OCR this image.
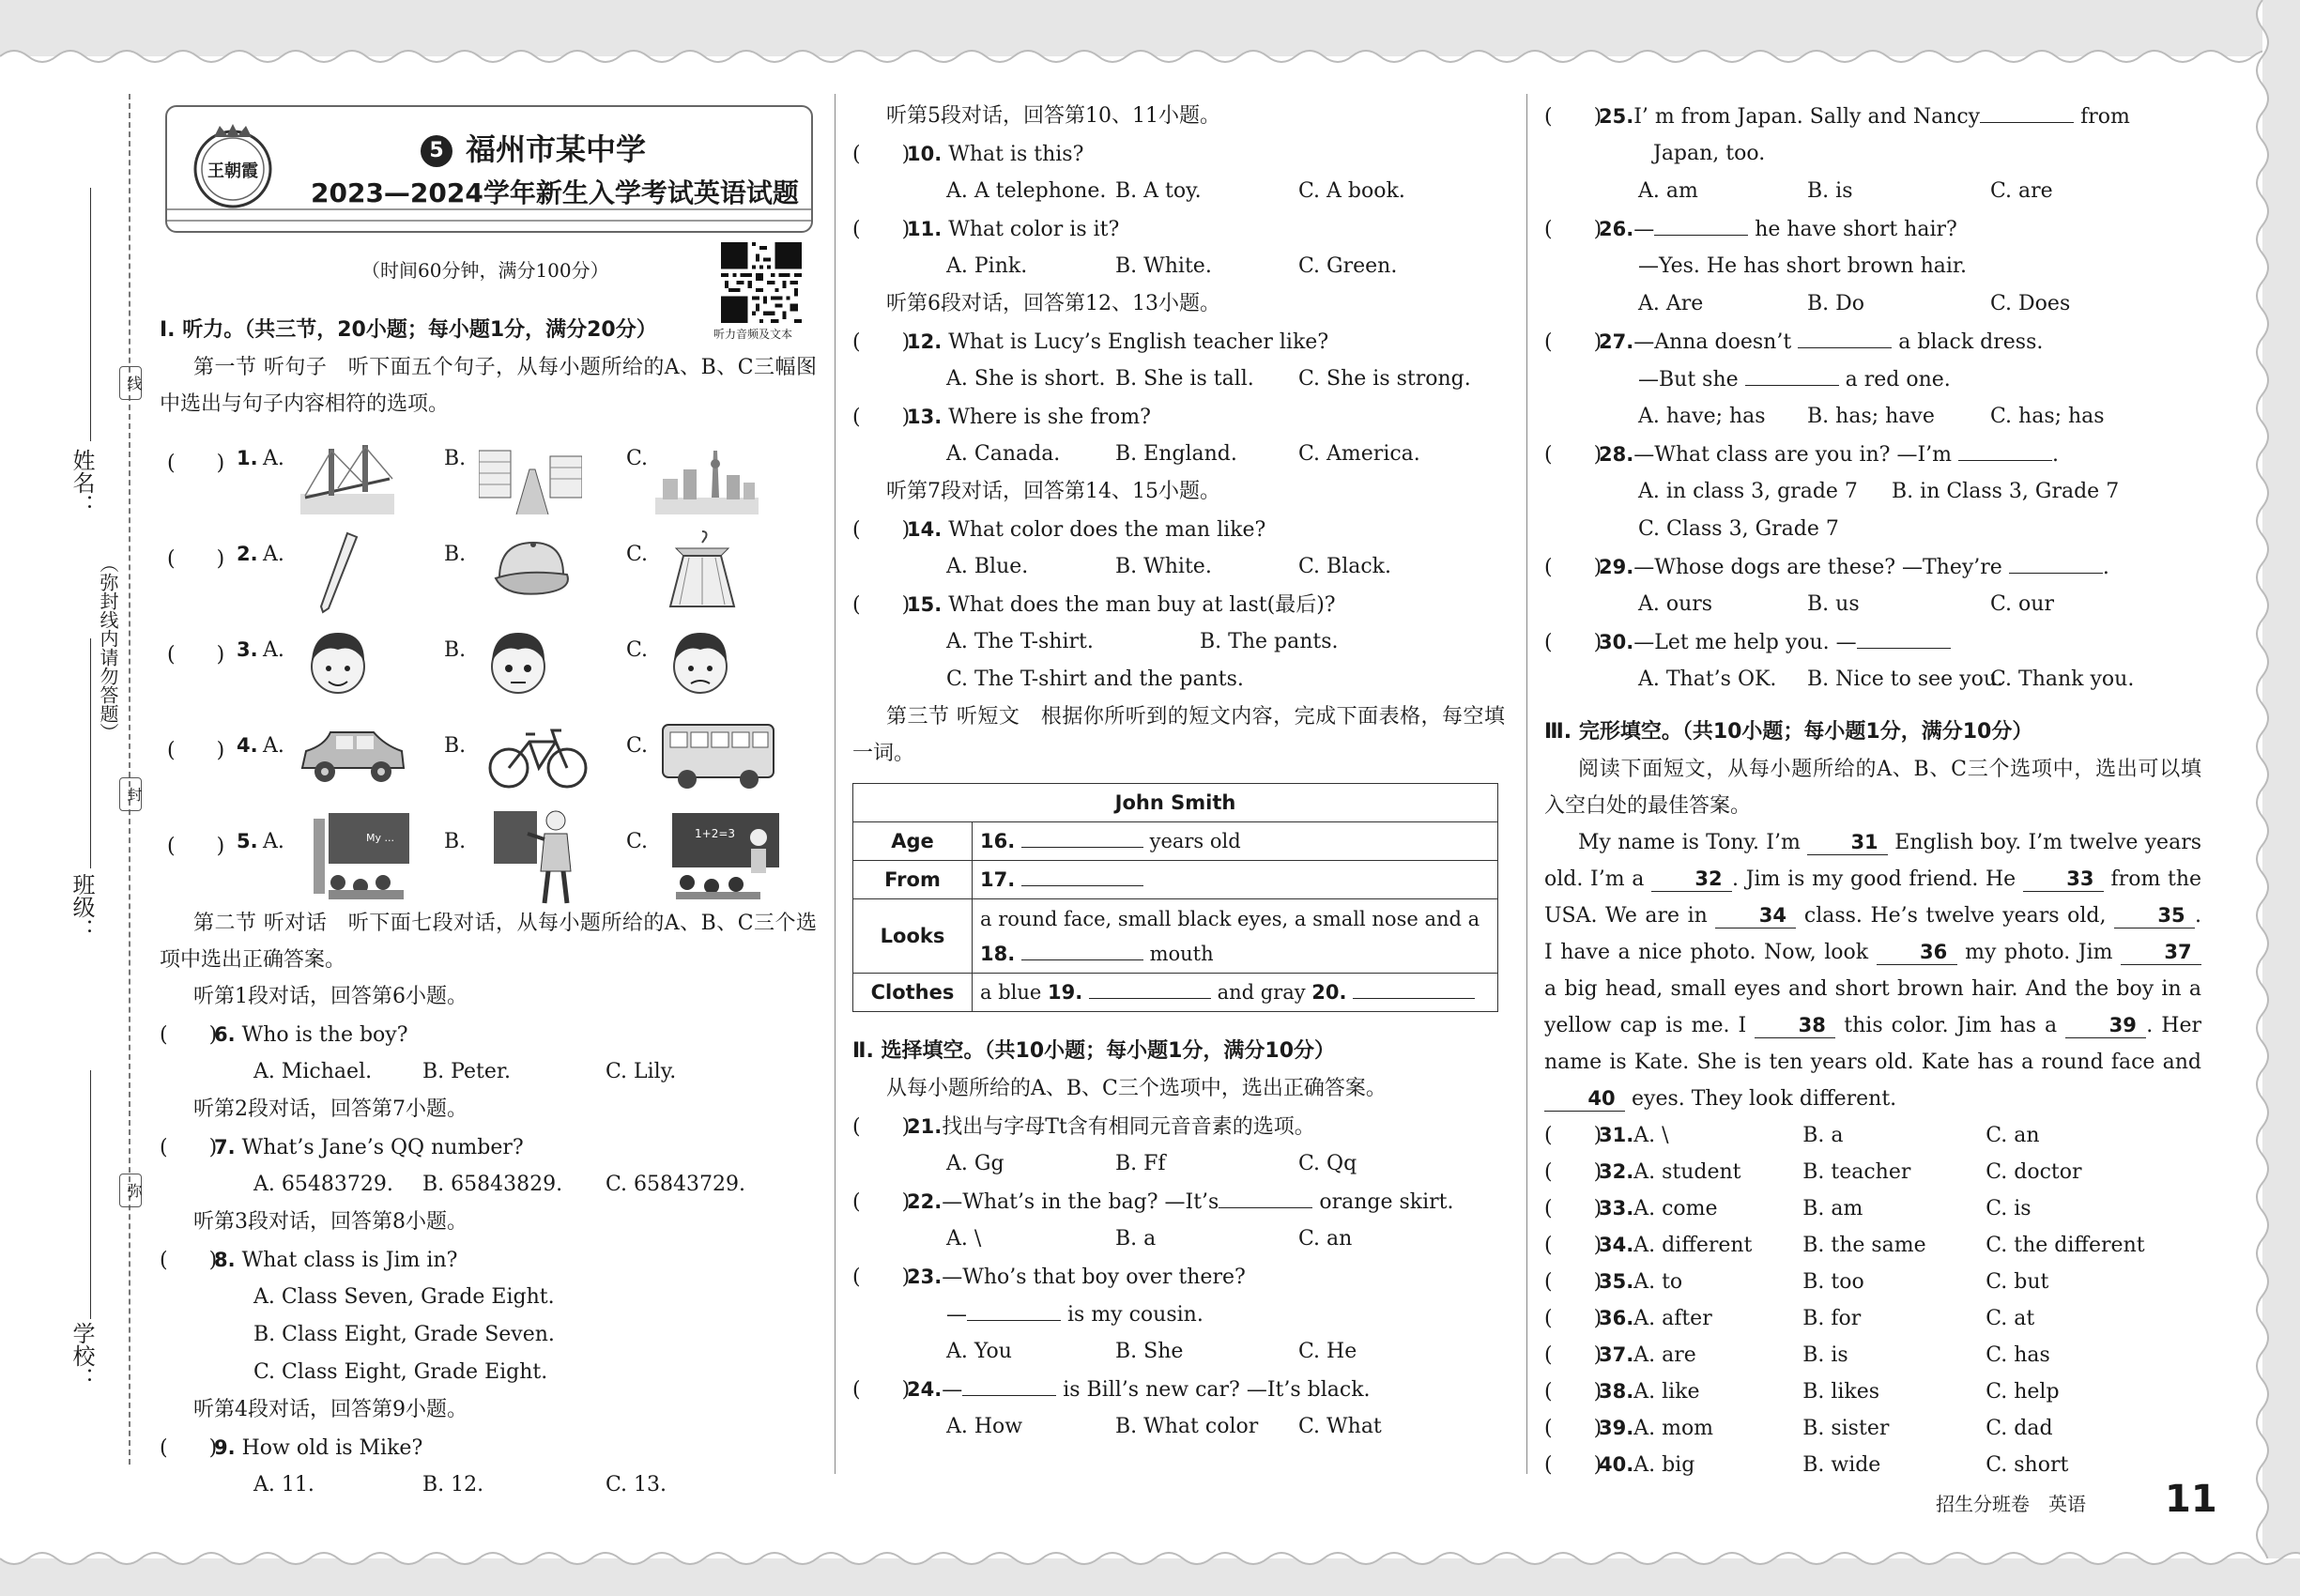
线
封
弥
（弥封线内请勿答题）
姓名：
班级：
学校：
王朝霞
5 福州市某中学
2023—2024学年新生入学考试英语试题
（时间60分钟，满分100分）
听力音频及文本
Ⅰ. 听力。（共三节，20小题；每小题1分，满分20分）
第一节 听句子　听下面五个句子，从每小题所给的A、B、C三幅图中选出与句子内容相符的选项。
(　　) 1. A.	B.	C.
(　　) 2. A.	B.	C.
(　　) 3. A.	B.	C.
(　　) 4. A.	B.	C.
(　　) 5. A.	B.	C.
My ...	1+2=3
第二节 听对话　听下面七段对话，从每小题所给的A、B、C三个选项中选出正确答案。
听第1段对话，回答第6小题。
(　　)6. Who is the boy?
A. Michael. B. Peter.	C. Lily.
听第2段对话，回答第7小题。
(　　)7. What’s Jane’s QQ number?
A. 65483729. B. 65843829. C. 65843729.
听第3段对话，回答第8小题。
(　　)8. What class is Jim in?
A. Class Seven, Grade Eight.
B. Class Eight, Grade Seven.
C. Class Eight, Grade Eight.
听第4段对话，回答第9小题。
(　　)9. How old is Mike?
A. 11.	B. 12.	C. 13.
听第5段对话，回答第10、11小题。
(　　)10. What is this?
A. A telephone. B. A toy.	C. A book.
(　　)11. What color is it?
A. Pink.	B. White.	C. Green.
听第6段对话，回答第12、13小题。
(　　)12. What is Lucy’s English teacher like?
A. She is short. B. She is tall. C. She is strong.
(　　)13. Where is she from?
A. Canada.	B. England.	C. America.
听第7段对话，回答第14、15小题。
(　　)14. What color does the man like?
A. Blue.	B. White.	C. Black.
(　　)15. What does the man buy at last(最后)?
A. The T-shirt.	B. The pants.
C. The T-shirt and the pants.
第三节 听短文　根据你所听到的短文内容，完成下面表格，每空填一词。
John Smith	
Age	16. years old
From	17.
Looks	a round face, small black eyes, a small nose and a
18. mouth
Clothes	a blue 19. and gray 20.
Ⅱ. 选择填空。（共10小题；每小题1分，满分10分）
从每小题所给的A、B、C三个选项中，选出正确答案。
(　　)21.找出与字母Tt含有相同元音音素的选项。
A. Gg	B. Ff	C. Qq
(　　)22.—What’s in the bag? —It’s	orange skirt.
A. \	B. a	C. an
(　　)23.—Who’s that boy over there?
—	is my cousin.
A. You	B. She	C. He
(　　)24.—	is Bill’s new car? —It’s black.
A. How	B. What color C. What
(　　)25.I’ m from Japan. Sally and Nancy	from
Japan, too.
A. am	B. is	C. are
(　　)26.—	he have short hair?
—Yes. He has short brown hair.
A. Are	B. Do	C. Does
(　　)27.—Anna doesn’t	a black dress.
—But she	a red one.
A. have; has B. has; have	C. has; has
(　　)28.—What class are you in? —I’m	.
A. in class 3, grade 7 B. in Class 3, Grade 7
C. Class 3, Grade 7
(　　)29.—Whose dogs are these? —They’re	.
A. ours	B. us	C. our
(　　)30.—Let me help you. —
A. That’s OK. B. Nice to see you.C. Thank you.
Ⅲ. 完形填空。（共10小题；每小题1分，满分10分）
阅读下面短文，从每小题所给的A、B、C三个选项中，选出可以填入空白处的最佳答案。
My name is Tony. I’m 31 English boy. I’m twelve years old. I’m a 32 . Jim is my good friend. He 33 from the USA. We are in 34 class. He’s twelve years old, 35 . I have a nice photo. Now, look 36 my photo. Jim 37 a big head, small eyes and short brown hair. And the boy in a yellow cap is me. I 38 this color. Jim has a 39 . Her name is Kate. She is ten years old. Kate has a round face and 40 eyes. They look different.
(　　)31.A. \	B. a	C. an
(　　)32.A. student	B. teacher	C. doctor
(　　)33.A. come	B. am	C. is
(　　)34.A. different B. the same	C. the different
(　　)35.A. to	B. too	C. but
(　　)36.A. after	B. for	C. at
(　　)37.A. are	B. is	C. has
(　　)38.A. like	B. likes	C. help
(　　)39.A. mom	B. sister	C. dad
(　　)40.A. big	B. wide	C. short
招生分班卷　英语 11
